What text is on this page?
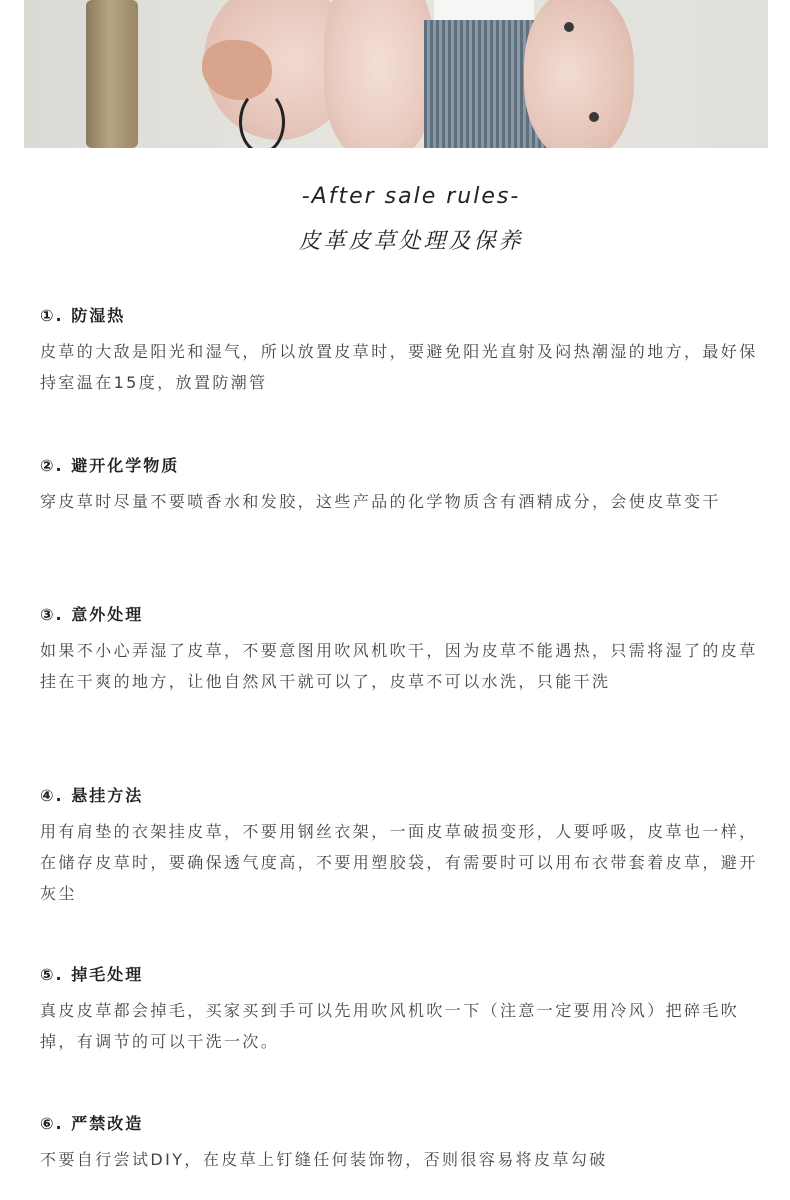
-After sale rules-
皮革皮草处理及保养
①. 防湿热
皮草的大敌是阳光和湿气，所以放置皮草时，要避免阳光直射及闷热潮湿的地方，最好保持室温在15度，放置防潮管
②. 避开化学物质
穿皮草时尽量不要喷香水和发胶，这些产品的化学物质含有酒精成分，会使皮草变干
③. 意外处理
如果不小心弄湿了皮草，不要意图用吹风机吹干，因为皮草不能遇热，只需将湿了的皮草挂在干爽的地方，让他自然风干就可以了，皮草不可以水洗，只能干洗
④. 悬挂方法
用有肩垫的衣架挂皮草，不要用钢丝衣架，一面皮草破损变形，人要呼吸，皮草也一样，在储存皮草时，要确保透气度高，不要用塑胶袋，有需要时可以用布衣带套着皮草，避开灰尘
⑤. 掉毛处理
真皮皮草都会掉毛，买家买到手可以先用吹风机吹一下（注意一定要用冷风）把碎毛吹掉，有调节的可以干洗一次。
⑥. 严禁改造
不要自行尝试DIY，在皮草上钉缝任何装饰物，否则很容易将皮草勾破
